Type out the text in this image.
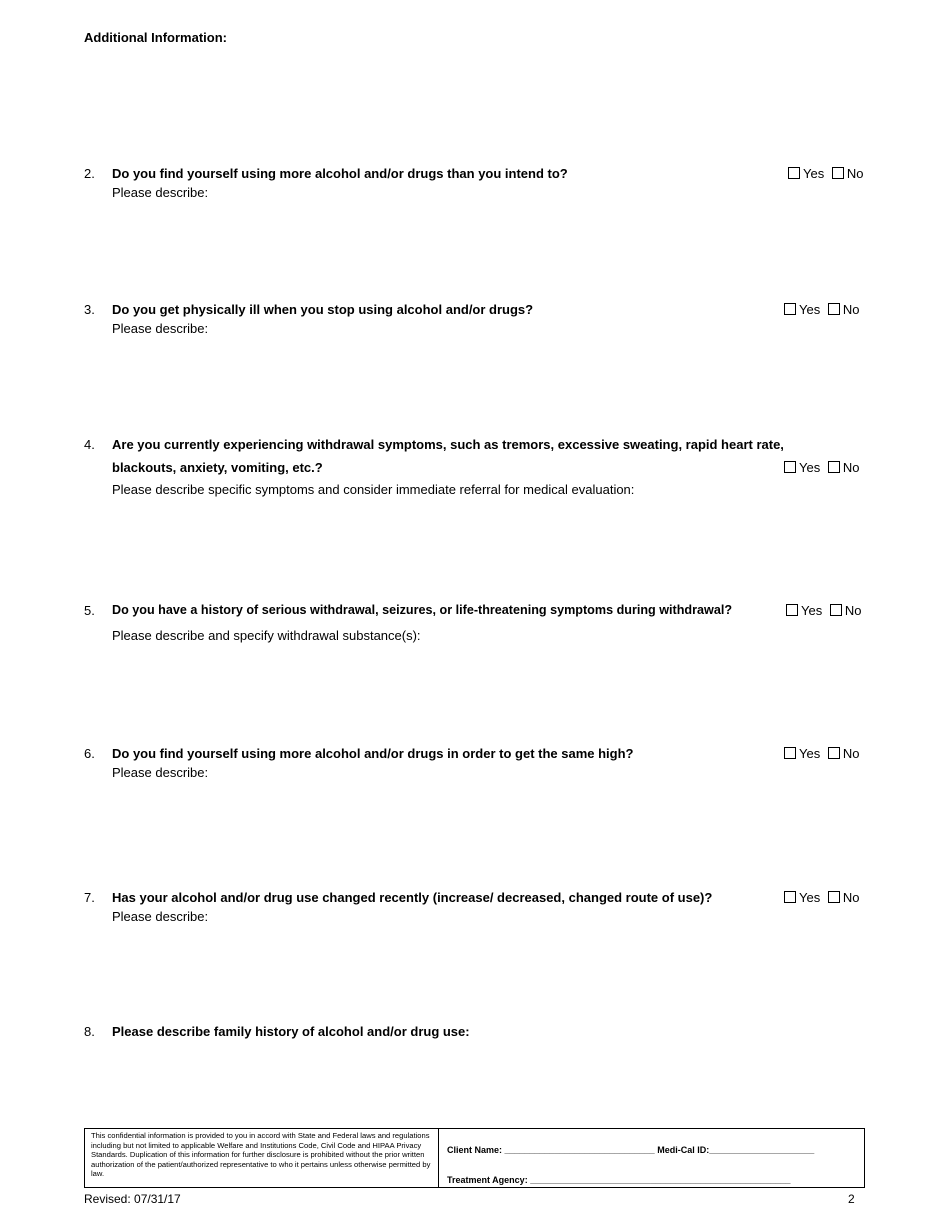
Additional Information:
2. Do you find yourself using more alcohol and/or drugs than you intend to?
Please describe:
Yes No
3. Do you get physically ill when you stop using alcohol and/or drugs?
Please describe:
Yes No
4. Are you currently experiencing withdrawal symptoms, such as tremors, excessive sweating, rapid heart rate,
blackouts, anxiety, vomiting, etc.?
Please describe specific symptoms and consider immediate referral for medical evaluation:
Yes No
5. Do you have a history of serious withdrawal, seizures, or life-threatening symptoms during withdrawal?
Please describe and specify withdrawal substance(s):
Yes No
6. Do you find yourself using more alcohol and/or drugs in order to get the same high?
Please describe:
Yes No
7. Has your alcohol and/or drug use changed recently (increase/ decreased, changed route of use)?
Please describe:
Yes No
8. Please describe family history of alcohol and/or drug use:
This confidential information is provided to you in accord with State and Federal laws and regulations including but not limited to applicable Welfare and Institutions Code, Civil Code and HIPAA Privacy Standards. Duplication of this information for further disclosure is prohibited without the prior written authorization of the patient/authorized representative to who it pertains unless otherwise permitted by law.
Client Name: ______________________________ Medi-Cal ID:_____________________
Treatment Agency: ____________________________________________________
Revised: 07/31/17	2
